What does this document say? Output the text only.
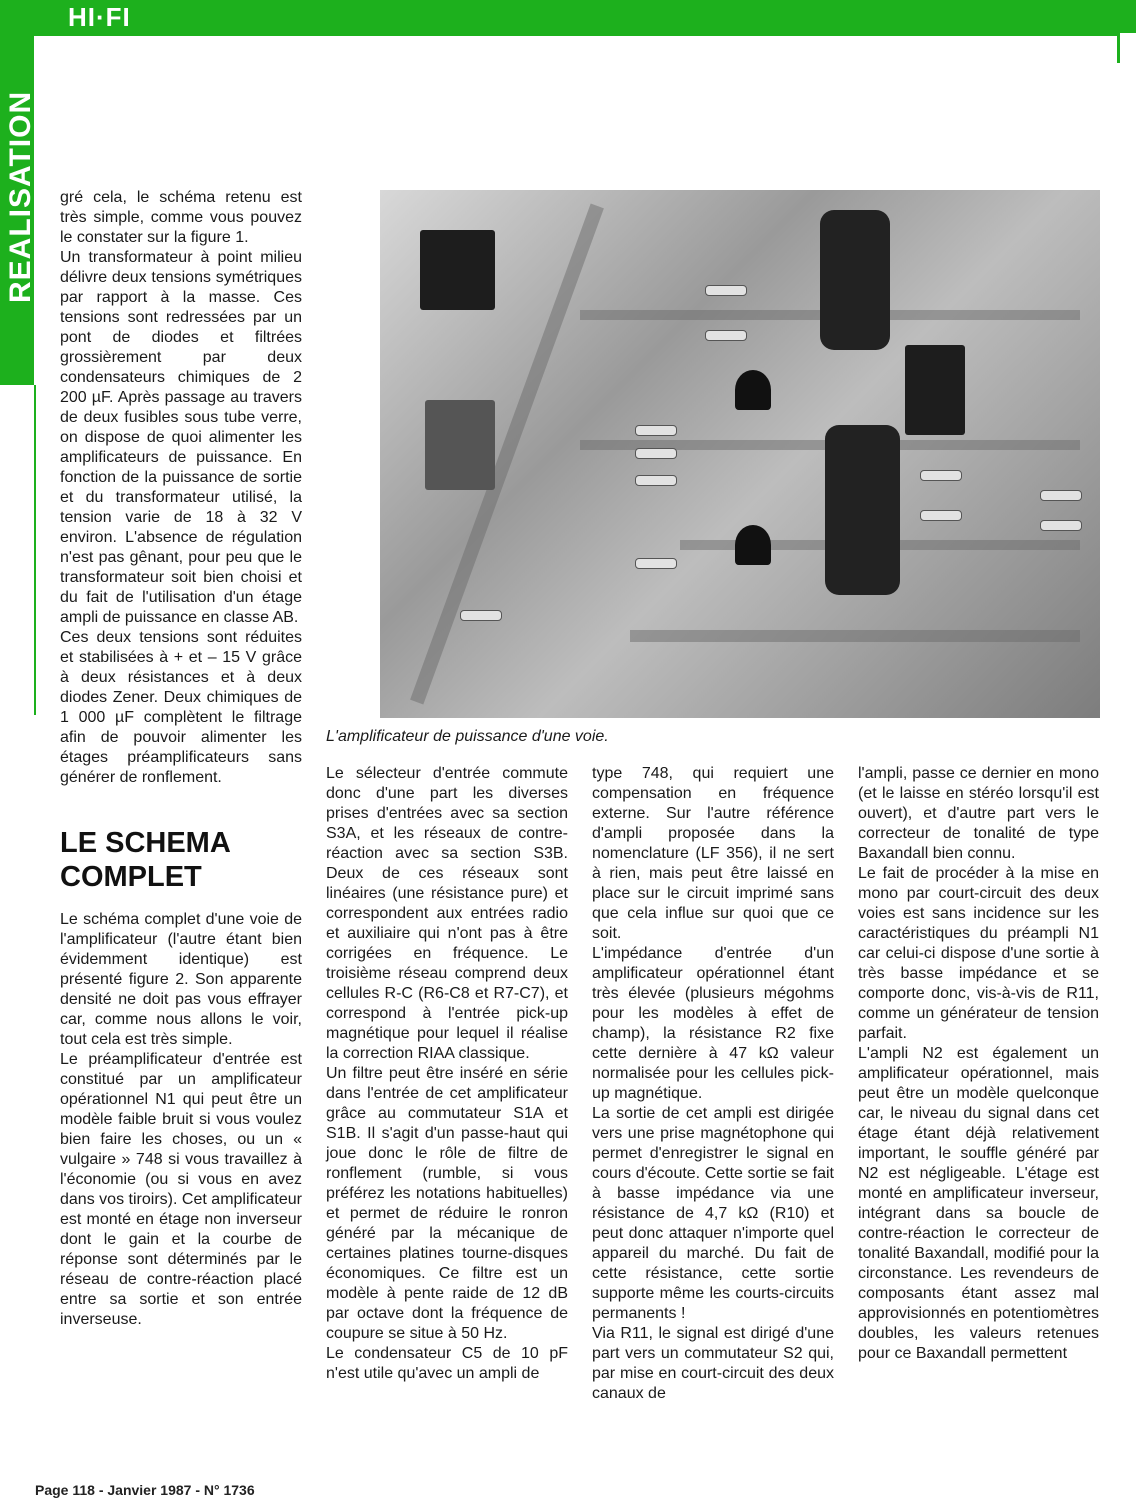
HI·FI
REALISATION gré cela, le schéma retenu est très simple, comme vous pouvez le constater sur la figure 1.

Un transformateur à point milieu délivre deux tensions symétriques par rapport à la masse. Ces tensions sont redressées par un pont de diodes et filtrées grossièrement par deux condensateurs chimiques de 2 200 µF. Après passage au travers de deux fusibles sous tube verre, on dispose de quoi alimenter les amplificateurs de puissance. En fonction de la puissance de sortie et du transformateur utilisé, la tension varie de 18 à 32 V environ. L'absence de régulation n'est pas gênant, pour peu que le transformateur soit bien choisi et du fait de l'utilisation d'un étage ampli de puissance en classe AB.

Ces deux tensions sont réduites et stabilisées à + et – 15 V grâce à deux résistances et à deux diodes Zener. Deux chimiques de 1 000 µF complètent le filtrage afin de pouvoir alimenter les étages préamplificateurs sans générer de ronflement.

LE SCHEMA COMPLET

Le schéma complet d'une voie de l'amplificateur (l'autre étant bien évidemment identique) est présenté figure 2. Son apparente densité ne doit pas vous effrayer car, comme nous allons le voir, tout cela est très simple.

Le préamplificateur d'entrée est constitué par un amplificateur opérationnel N1 qui peut être un modèle faible bruit si vous voulez bien faire les choses, ou un « vulgaire » 748 si vous travaillez à l'économie (ou si vous en avez dans vos tiroirs). Cet amplificateur est monté en étage non inverseur dont le gain et la courbe de réponse sont déterminés par le réseau de contre-réaction placé entre sa sortie et son entrée inverseuse.

L'amplificateur de puissance d'une voie.

Le sélecteur d'entrée commute donc d'une part les diverses prises d'entrées avec sa section S3A, et les réseaux de contre-réaction avec sa section S3B. Deux de ces réseaux sont linéaires (une résistance pure) et correspondent aux entrées radio et auxiliaire qui n'ont pas à être corrigées en fréquence. Le troisième réseau comprend deux cellules R-C (R6-C8 et R7-C7), et correspond à l'entrée pick-up magnétique pour lequel il réalise la correction RIAA classique.

Un filtre peut être inséré en série dans l'entrée de cet amplificateur grâce au commutateur S1A et S1B. Il s'agit d'un passe-haut qui joue donc le rôle de filtre de ronflement (rumble, si vous préférez les notations habituelles) et permet de réduire le ronron généré par la mécanique de certaines platines tourne-disques économiques. Ce filtre est un modèle à pente raide de 12 dB par octave dont la fréquence de coupure se situe à 50 Hz.

Le condensateur C5 de 10 pF n'est utile qu'avec un ampli de

type 748, qui requiert une compensation en fréquence externe. Sur l'autre référence d'ampli proposée dans la nomenclature (LF 356), il ne sert à rien, mais peut être laissé en place sur le circuit imprimé sans que cela influe sur quoi que ce soit.

L'impédance d'entrée d'un amplificateur opérationnel étant très élevée (plusieurs mégohms pour les modèles à effet de champ), la résistance R2 fixe cette dernière à 47 kΩ valeur normalisée pour les cellules pick-up magnétique.

La sortie de cet ampli est dirigée vers une prise magnétophone qui permet d'enregistrer le signal en cours d'écoute. Cette sortie se fait à basse impédance via une résistance de 4,7 kΩ (R10) et peut donc attaquer n'importe quel appareil du marché. Du fait de cette résistance, cette sortie supporte même les courts-circuits permanents !

Via R11, le signal est dirigé d'une part vers un commutateur S2 qui, par mise en court-circuit des deux canaux de

l'ampli, passe ce dernier en mono (et le laisse en stéréo lorsqu'il est ouvert), et d'autre part vers le correcteur de tonalité de type Baxandall bien connu.

Le fait de procéder à la mise en mono par court-circuit des deux voies est sans incidence sur les caractéristiques du préampli N1 car celui-ci dispose d'une sortie à très basse impédance et se comporte donc, vis-à-vis de R11, comme un générateur de tension parfait.

L'ampli N2 est également un amplificateur opérationnel, mais peut être un modèle quelconque car, le niveau du signal dans cet étage étant déjà relativement important, le souffle généré par N2 est négligeable. L'étage est monté en amplificateur inverseur, intégrant dans sa boucle de contre-réaction le correcteur de tonalité Baxandall, modifié pour la circonstance. Les revendeurs de composants étant assez mal approvisionnés en potentiomètres doubles, les valeurs retenues pour ce Baxandall permettent

Page 118 - Janvier 1987 - N° 1736
